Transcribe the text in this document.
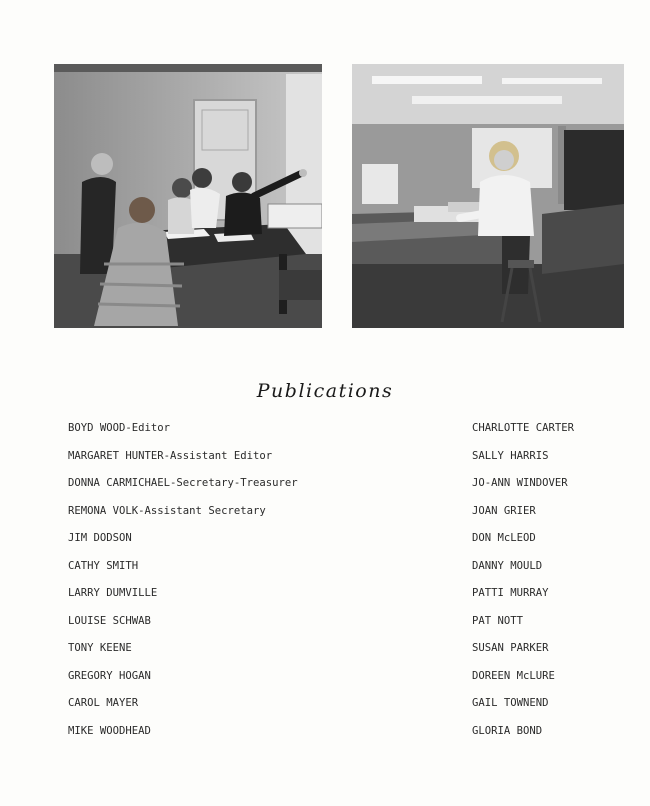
Publications
BOYD WOOD-Editor
MARGARET HUNTER-Assistant Editor
DONNA CARMICHAEL-Secretary-Treasurer
REMONA VOLK-Assistant Secretary
JIM DODSON
CATHY SMITH
LARRY DUMVILLE
LOUISE SCHWAB
TONY KEENE
GREGORY HOGAN
CAROL MAYER
MIKE WOODHEAD
CHARLOTTE CARTER
SALLY HARRIS
JO-ANN WINDOVER
JOAN GRIER
DON McLEOD
DANNY MOULD
PATTI MURRAY
PAT NOTT
SUSAN PARKER
DOREEN McLURE
GAIL TOWNEND
GLORIA BOND
